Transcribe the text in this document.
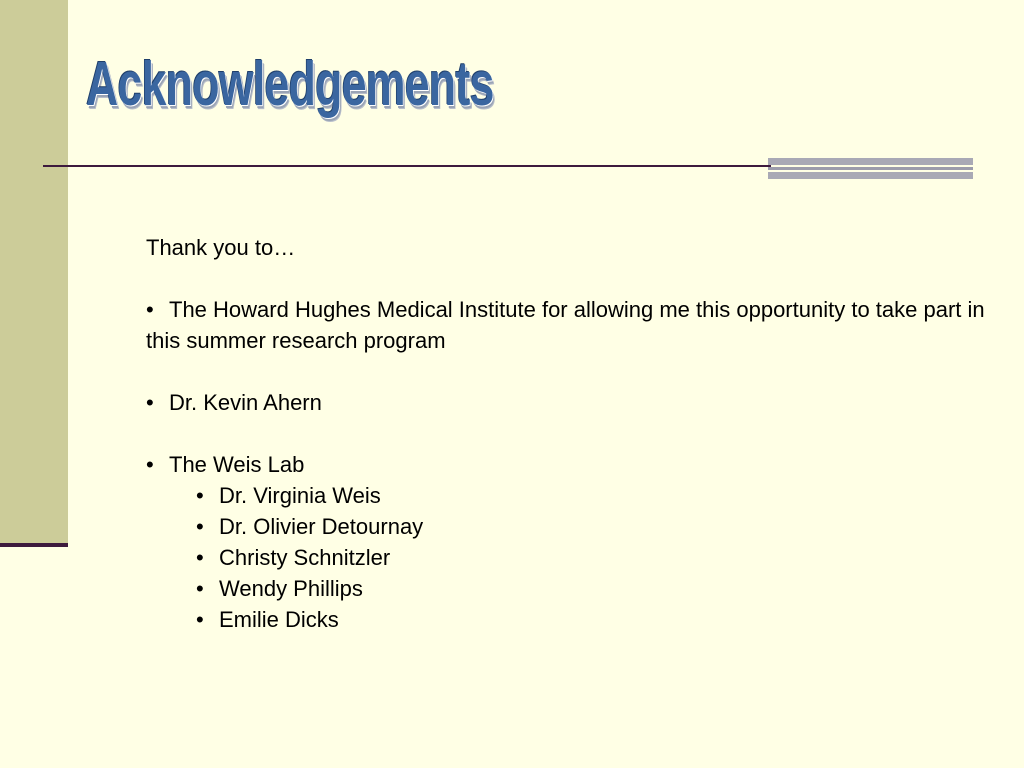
Acknowledgements

Thank you to…

• The Howard Hughes Medical Institute for allowing me this opportunity to take part in this summer research program

• Dr. Kevin Ahern

• The Weis Lab

• Dr. Virginia Weis

• Dr. Olivier Detournay

• Christy Schnitzler

• Wendy Phillips

• Emilie Dicks
